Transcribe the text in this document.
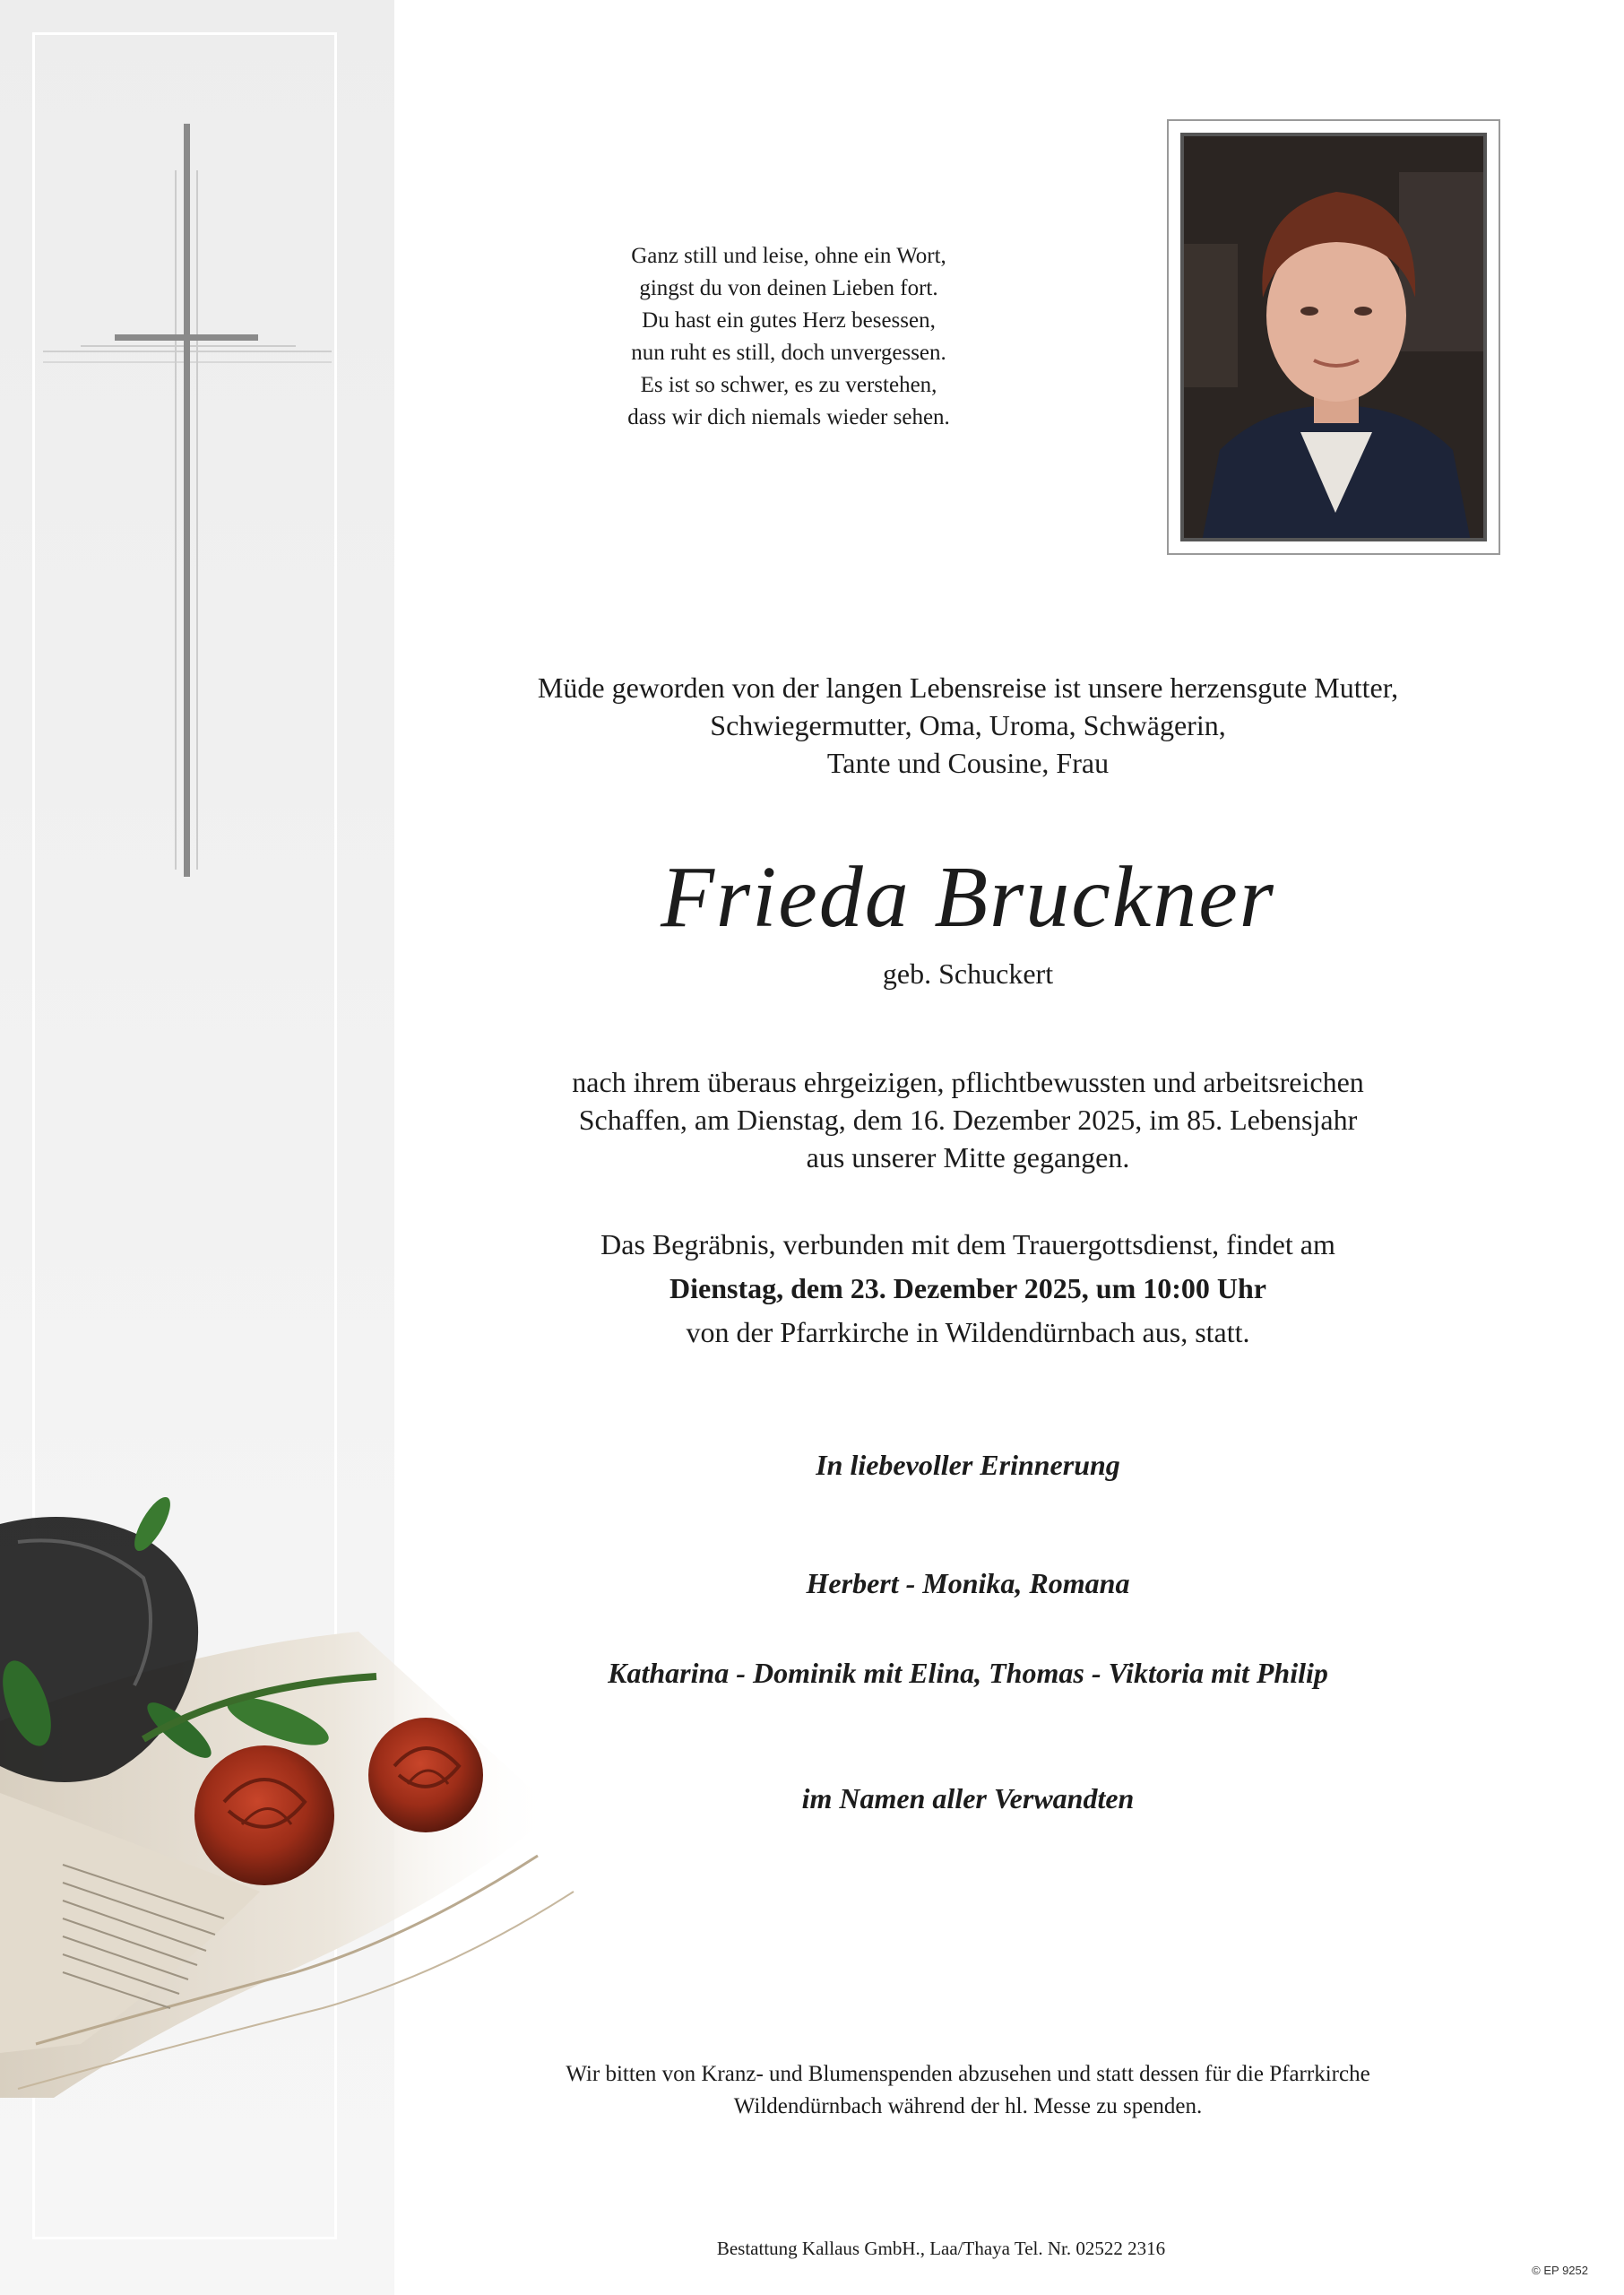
Ganz still und leise, ohne ein Wort,
gingst du von deinen Lieben fort.
Du hast ein gutes Herz besessen,
nun ruht es still, doch unvergessen.
Es ist so schwer, es zu verstehen,
dass wir dich niemals wieder sehen.
Müde geworden von der langen Lebensreise ist unsere herzensgute Mutter,
Schwiegermutter, Oma, Uroma, Schwägerin,
Tante und Cousine, Frau
Frieda Bruckner
geb. Schuckert
nach ihrem überaus ehrgeizigen, pflichtbewussten und arbeitsreichen
Schaffen, am Dienstag, dem 16. Dezember 2025, im 85. Lebensjahr
aus unserer Mitte gegangen.
Das Begräbnis, verbunden mit dem Trauergottsdienst, findet am
Dienstag, dem 23. Dezember 2025, um 10:00 Uhr
von der Pfarrkirche in Wildendürnbach aus, statt.
In liebevoller Erinnerung
Herbert - Monika, Romana
Katharina - Dominik mit Elina, Thomas - Viktoria mit Philip
im Namen aller Verwandten
Wir bitten von Kranz- und Blumenspenden abzusehen und statt dessen für die Pfarrkirche
Wildendürnbach während der hl. Messe zu spenden.
Bestattung Kallaus GmbH., Laa/Thaya Tel. Nr. 02522 2316
© EP 9252
